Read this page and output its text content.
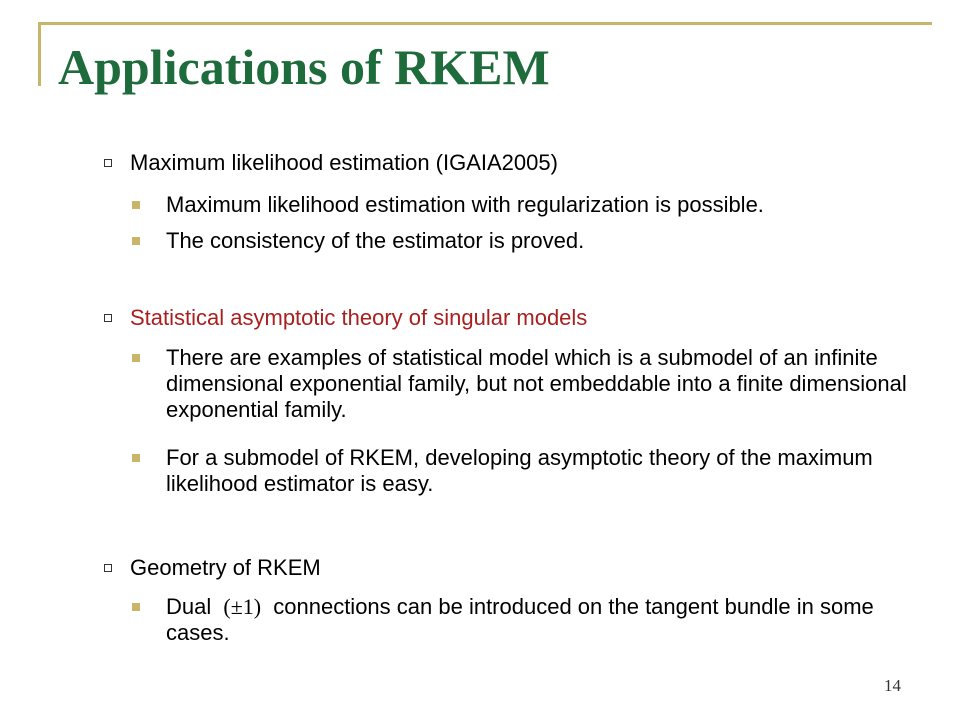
Applications of RKEM
Maximum likelihood estimation (IGAIA2005)
Maximum likelihood estimation with regularization is possible.
The consistency of the estimator is proved.
Statistical asymptotic theory of singular models
There are examples of statistical model which is a submodel of an infinite dimensional exponential family, but not embeddable into a finite dimensional exponential family.
For a submodel of RKEM, developing asymptotic theory of the maximum likelihood estimator is easy.
Geometry of RKEM
Dual (±1) connections can be introduced on the tangent bundle in some cases.
14
